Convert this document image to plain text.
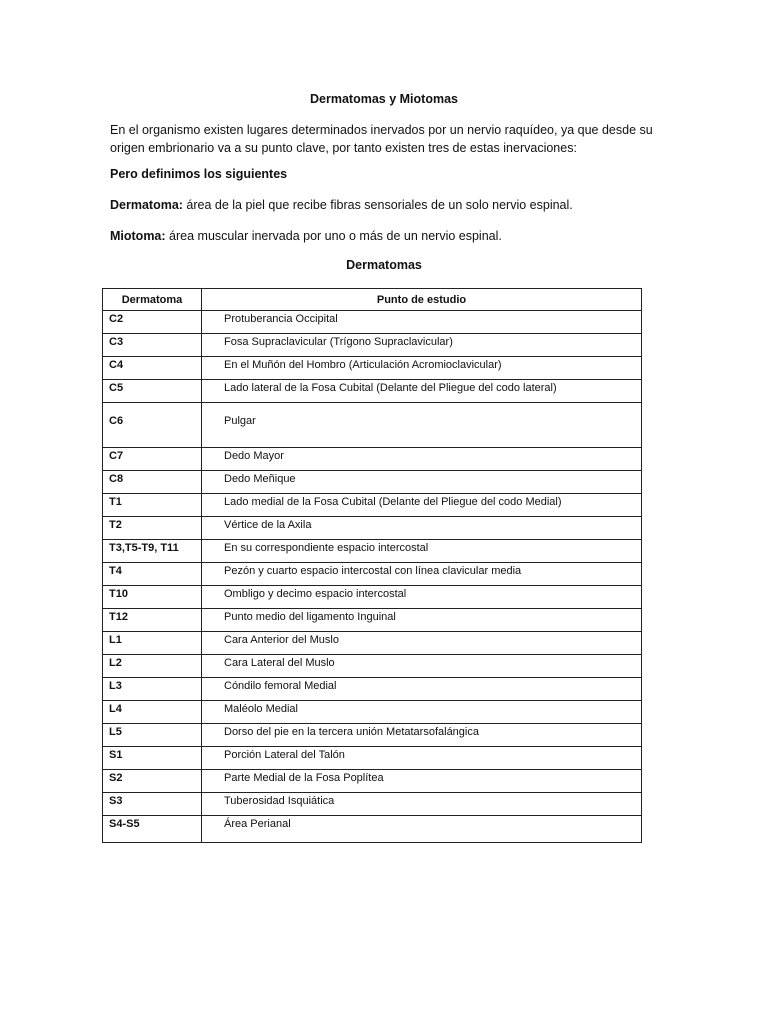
Dermatomas y Miotomas

En el organismo existen lugares determinados inervados por un nervio raquídeo, ya que desde su origen embrionario va a su punto clave, por tanto existen tres de estas inervaciones:

Pero definimos los siguientes

Dermatoma: área de la piel que recibe fibras sensoriales de un solo nervio espinal.

Miotoma: área muscular inervada por uno o más de un nervio espinal.

Dermatomas
Dermatoma	Punto de estudio
C2	Protuberancia Occipital
C3	Fosa Supraclavicular (Trígono Supraclavicular)
C4	En el Muñón del Hombro (Articulación Acromioclavicular)
C5	Lado lateral de la Fosa Cubital (Delante del Pliegue del codo lateral)
C6	Pulgar
C7	Dedo Mayor
C8	Dedo Meñique
T1	Lado medial de la Fosa Cubital (Delante del Pliegue del codo Medial)
T2	Vértice de la Axila
T3,T5-T9, T11	En su correspondiente espacio intercostal
T4	Pezón y cuarto espacio intercostal con línea clavicular media
T10	Ombligo y decimo espacio intercostal
T12	Punto medio del ligamento Inguinal
L1	Cara Anterior del Muslo
L2	Cara Lateral del Muslo
L3	Cóndilo femoral Medial
L4	Maléolo Medial
L5	Dorso del pie en la tercera unión Metatarsofalángica
S1	Porción Lateral del Talón
S2	Parte Medial de la Fosa Poplítea
S3	Tuberosidad Isquiática
S4-S5	Área Perianal
